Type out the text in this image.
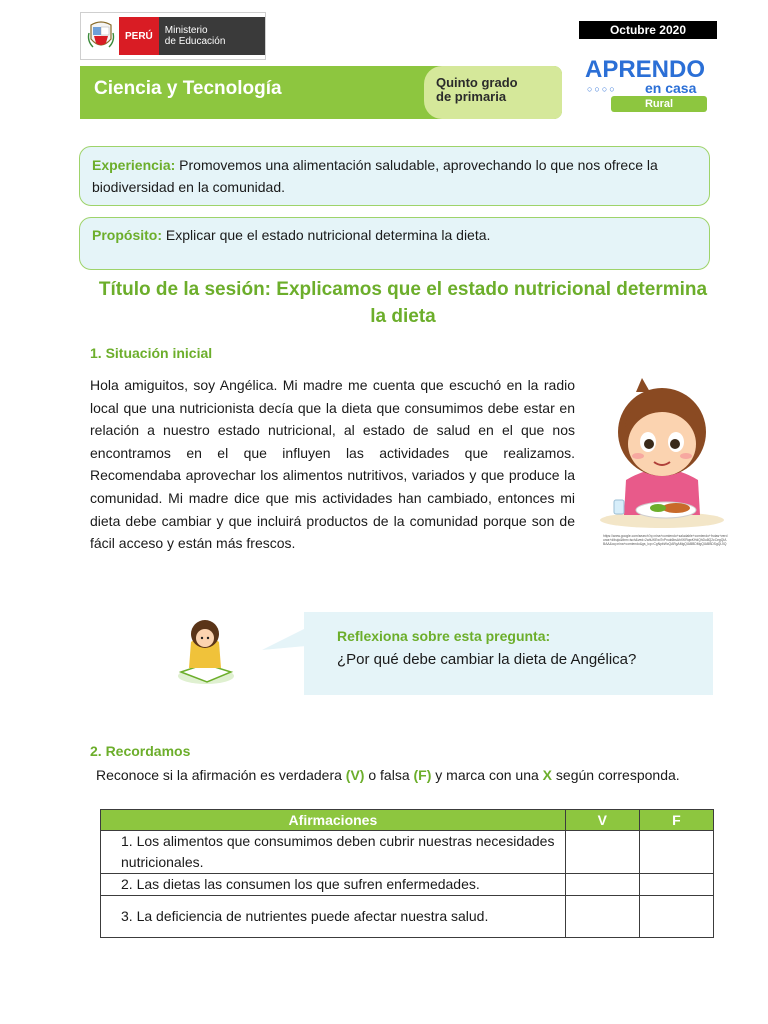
PERÚ	Ministerio
de Educación
Octubre 2020
Ciencia y Tecnología	Quinto grado
de primaria
APRENDO
○○○○ en casa
Rural
Experiencia: Promovemos una alimentación saludable, aprovechando lo que nos ofrece la biodiversidad en la comunidad.
Propósito: Explicar que el estado nutricional determina la dieta.
Título de la sesión: Explicamos que el estado nutricional determina la dieta
1. Situación inicial
Hola amiguitos, soy Angélica. Mi madre me cuenta que escuchó en la radio local que una nutricionista decía que la dieta que consumimos debe estar en relación a nuestro estado nutricional, al estado de salud en el que nos encontramos en el que influyen las actividades que realizamos. Recomendaba aprovechar los alimentos nutritivos, variados y que produce la comunidad. Mi madre dice que mis actividades han cambiado, entonces mi dieta debe cambiar y que incluirá productos de la comunidad porque son de fácil acceso y están más frescos.	https://www.google.com/search?q=nina+comiendo+saludable+comiendo+frutas+verduras+dibujo&tbm=isch&ved=2ahUKEwi7vPnuk6bsAhXKRqwKHdQhDu8Q2cCegQIABAA&oq=nina+comiendo&gs_lcp=CgNpbWcQARgAMgQIABBDMgQIABBDSgQIJIQ
Reflexiona sobre esta pregunta:
¿Por qué debe cambiar la dieta de Angélica?
2. Recordamos
Reconoce si la afirmación es verdadera (V) o falsa (F) y marca con una X según corresponda.
Afirmaciones	V	F
1. Los alimentos que consumimos deben cubrir nuestras necesidades nutricionales.		
2. Las dietas las consumen los que sufren enfermedades.		
3. La deficiencia de nutrientes puede afectar nuestra salud.		
